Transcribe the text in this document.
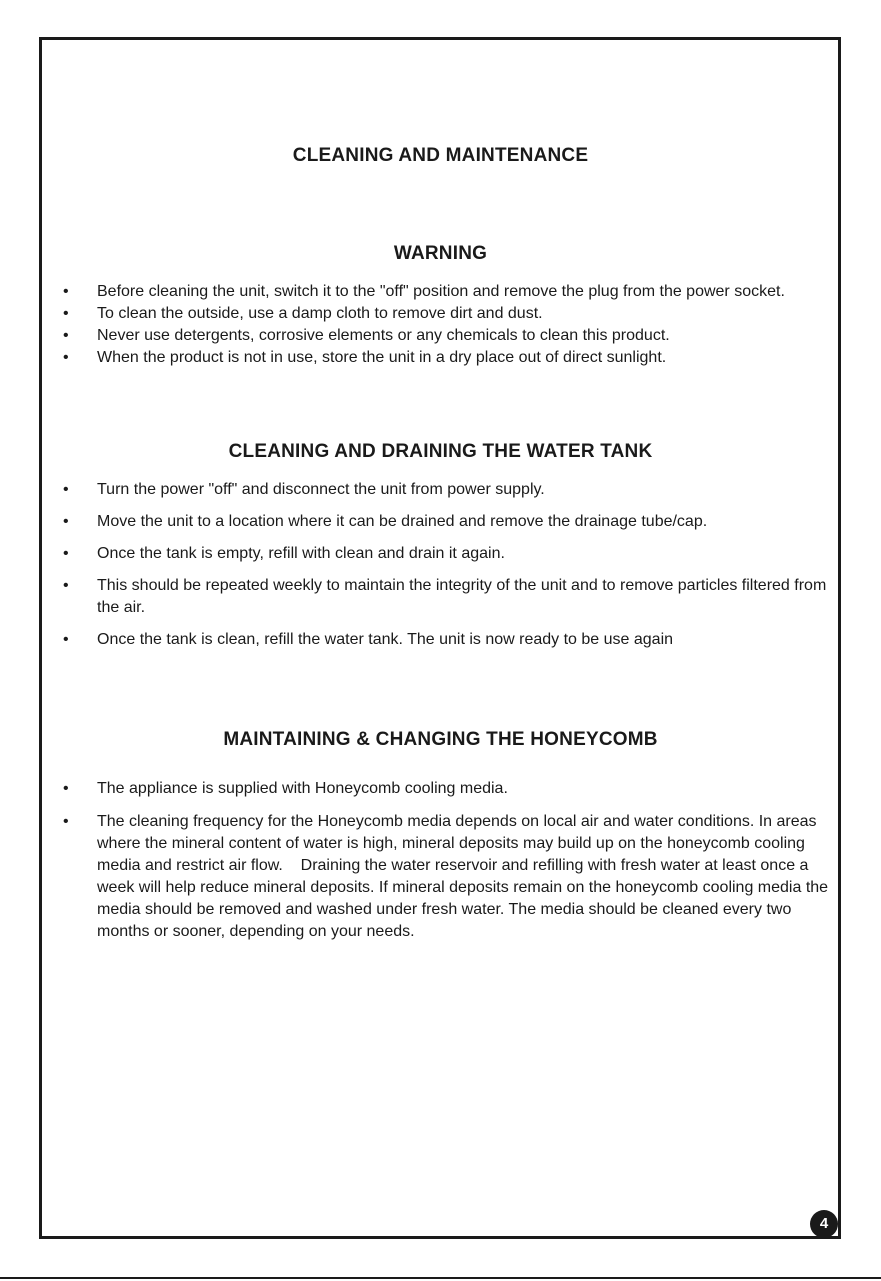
CLEANING AND MAINTENANCE
WARNING
• Before cleaning the unit, switch it to the "off" position and remove the plug from the power socket.
• To clean the outside, use a damp cloth to remove dirt and dust.
• Never use detergents, corrosive elements or any chemicals to clean this product.
• When the product is not in use, store the unit in a dry place out of direct sunlight.
CLEANING AND DRAINING THE WATER TANK
• Turn the power "off" and disconnect the unit from power supply.
• Move the unit to a location where it can be drained and remove the drainage tube/cap.
• Once the tank is empty, refill with clean and drain it again.
• This should be repeated weekly to maintain the integrity of the unit and to remove particles filtered from the air.
• Once the tank is clean, refill the water tank. The unit is now ready to be use again
MAINTAINING & CHANGING THE HONEYCOMB
• The appliance is supplied with Honeycomb cooling media.
• The cleaning frequency for the Honeycomb media depends on local air and water conditions. In areas where the mineral content of water is high, mineral deposits may build up on the honeycomb cooling media and restrict air flow.    Draining the water reservoir and refilling with fresh water at least once a week will help reduce mineral deposits. If mineral deposits remain on the honeycomb cooling media the media should be removed and washed under fresh water. The media should be cleaned every two months or sooner, depending on your needs.
4
